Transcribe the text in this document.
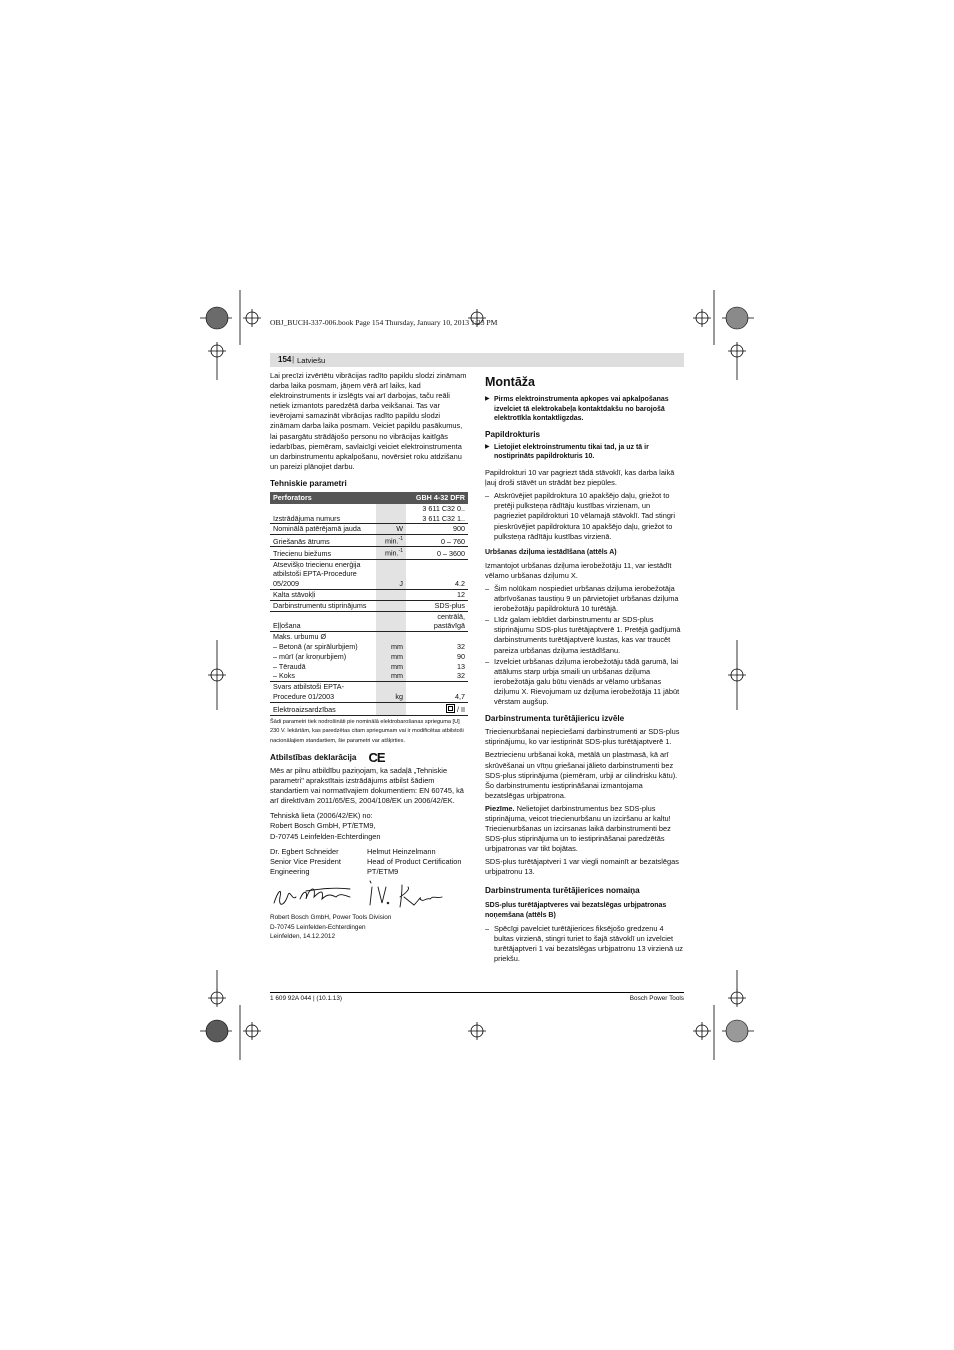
OBJ_BUCH-337-006.book Page 154 Thursday, January 10, 2013 1:23 PM
154 | Latviešu

Lai precīzi izvērtētu vibrācijas radīto papildu slodzi zināmam darba laika posmam, jāņem vērā arī laiks, kad elektroinstruments ir izslēgts vai arī darbojas, taču reāli netiek izmantots paredzētā darba veikšanai. Tas var ievērojami samazināt vibrācijas radīto papildu slodzi zināmam darba laika posmam. Veiciet papildu pasākumus, lai pasargātu strādājošo personu no vibrācijas kaitīgās iedarbības, piemēram, savlaicīgi veiciet elektroinstrumenta un darbinstrumentu apkalpošanu, novērsiet roku atdzišanu un pareizi plānojiet darbu.

Tehniskie parametri
Perforators		GBH 4-32 DFR
Izstrādājuma numurs		3 611 C32 0..
3 611 C32 1..
Nominālā patērējamā jauda	W	900
Griešanās ātrums	min.$^{-1}$	0 – 760
Triecienu biežums	min.$^{-1}$	0 – 3600
Atsevišķo triecienu enerģija atbilstoši EPTA-Procedure 05/2009	J	4.2
Kalta stāvokļi		12
Darbinstrumentu stiprinājums		SDS-plus
Eļļošana		centrālā, pastāvīgā
Maks. urbumu Ø		
– Betonā (ar spirālurbjiem)	mm	32
– mūrī (ar kroņurbjiem)	mm	90
– Tēraudā	mm	13
– Koks	mm	32
Svars atbilstoši EPTA-Procedure 01/2003	kg	4,7
Elektroaizsardzības		/ II
Šādi parametri tiek nodrošināti pie nominālā elektrobarošanas sprieguma [U] 230 V. Iekārtām, kas paredzētas citam spriegumam vai ir modificētas atbilstoši nacionālajiem standartiem, šie parametri var atšķirties.
Atbilstības deklarācija CE

Mēs ar pilnu atbildību paziņojam, ka sadaļā „Tehniskie parametri" aprakstītais izstrādājums atbilst šādiem standartiem vai normatīvajiem dokumentiem: EN 60745, kā arī direktīvām 2011/65/ES, 2004/108/EK un 2006/42/EK.

Tehniskā lieta (2006/42/EK) no:
Robert Bosch GmbH, PT/ETM9,
D-70745 Leinfelden-Echterdingen

Dr. Egbert Schneider
Senior Vice President
Engineering
Helmut Heinzelmann
Head of Product Certification
PT/ETM9

Robert Bosch GmbH, Power Tools Division
D-70745 Leinfelden-Echterdingen
Leinfelden, 14.12.2012

Montāža

▶ Pirms elektroinstrumenta apkopes vai apkalpošanas izvelciet tā elektrokabeļa kontaktdakšu no barojošā elektrotīkla kontaktligzdas.

Papildrokturis

▶ Lietojiet elektroinstrumentu tikai tad, ja uz tā ir nostiprināts papildrokturis 10.

Papildrokturi 10 var pagriezt tādā stāvoklī, kas darba laikā ļauj droši stāvēt un strādāt bez piepūles.

– Atskrūvējiet papildroktura 10 apakšējo daļu, griežot to pretēji pulksteņa rādītāju kustības virzienam, un pagrieziet papildrokturi 10 vēlamajā stāvoklī. Tad stingri pieskrūvējiet papildroktura 10 apakšējo daļu, griežot to pulksteņa rādītāju kustības virzienā.

Urbšanas dziļuma iestādīšana (attēls A)

Izmantojot urbšanas dziļuma ierobežotāju 11, var iestādīt vēlamo urbšanas dziļumu X.

– Šim nolūkam nospiediet urbšanas dziļuma ierobežotāja atbrīvošanas taustiņu 9 un pārvietojiet urbšanas dziļuma ierobežotāju papildrokturā 10 turētājā.

– Līdz galam iebīdiet darbinstrumentu ar SDS-plus stiprinājumu SDS-plus turētājaptverē 1. Pretējā gadījumā darbinstruments turētājaptverē kustas, kas var traucēt pareiza urbšanas dziļuma iestādīšanu.

– Izvelciet urbšanas dziļuma ierobežotāju tādā garumā, lai attālums starp urbja smaili un urbšanas dziļuma ierobežotāja galu būtu vienāds ar vēlamo urbšanas dziļumu X. Rievojumam uz dziļuma ierobežotāja 11 jābūt vērstam augšup.

Darbinstrumenta turētājiericu izvēle

Triecienurbšanai nepieciešami darbinstrumenti ar SDS-plus stiprinājumu, ko var iestiprināt SDS-plus turētājaptverē 1.

Beztriecienu urbšanai kokā, metālā un plastmasā, kā arī skrūvēšanai un vītņu griešanai jālieto darbinstrumenti bez SDS-plus stiprinājuma (piemēram, urbji ar cilindrisku kātu). Šo darbinstrumentu iestiprināšanai izmantojama bezatslēgas urbjpatrona.

Piezīme. Nelietojiet darbinstrumentus bez SDS-plus stiprinājuma, veicot triecienurbšanu un izciršanu ar kaltu! Triecienurbšanas un izcirsanas laikā darbinstrumenti bez SDS-plus stiprinājuma un to iestiprināšanai paredzētās urbjpatronas var tikt bojātas.

SDS-plus turētājaptveri 1 var viegli nomainīt ar bezatslēgas urbjpatronu 13.

Darbinstrumenta turētājierices nomaiņa
SDS-plus turētājaptveres vai bezatslēgas urbjpatronas noņemšana (attēls B)

– Spēcīgi pavelciet turētājierices fiksējošo gredzenu 4 bultas virzienā, stingri turiet to šajā stāvoklī un izvelciet turētājaptveri 1 vai bezatslēgas urbjpatronu 13 virzienā uz priekšu.

1 609 92A 044 | (10.1.13)	Bosch Power Tools
